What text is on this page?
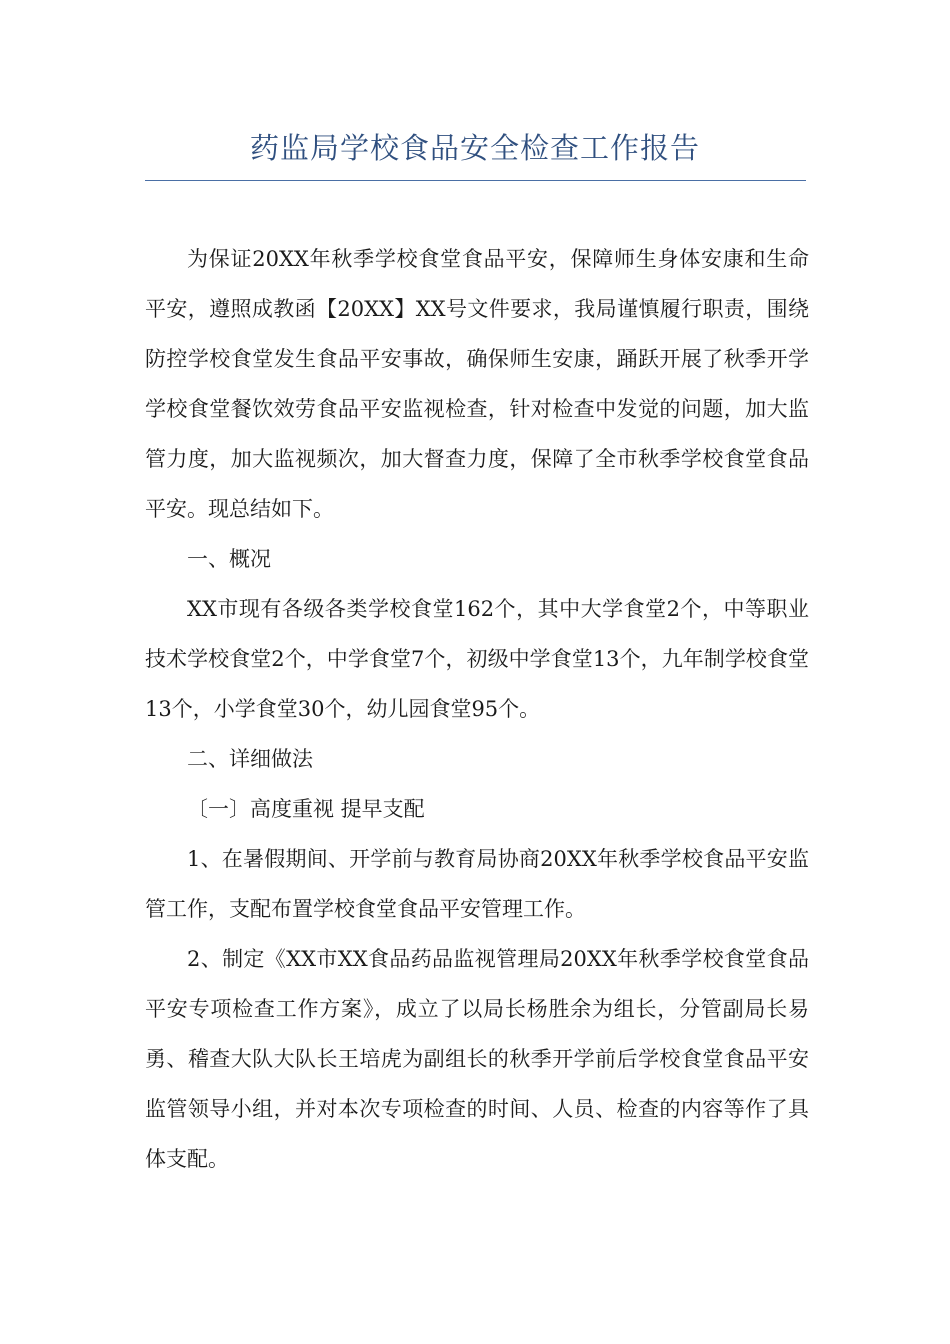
药监局学校食品安全检查工作报告

为保证20XX年秋季学校食堂食品平安，保障师生身体安康和生命平安，遵照成教函【20XX】XX号文件要求，我局谨慎履行职责，围绕防控学校食堂发生食品平安事故，确保师生安康，踊跃开展了秋季开学学校食堂餐饮效劳食品平安监视检查，针对检查中发觉的问题，加大监管力度，加大监视频次，加大督查力度，保障了全市秋季学校食堂食品平安。现总结如下。

一、概况

XX市现有各级各类学校食堂162个，其中大学食堂2个，中等职业技术学校食堂2个，中学食堂7个，初级中学食堂13个，九年制学校食堂13个，小学食堂30个，幼儿园食堂95个。

二、详细做法

〔一〕高度重视 提早支配

1、在暑假期间、开学前与教育局协商20XX年秋季学校食品平安监管工作，支配布置学校食堂食品平安管理工作。

2、制定《XX市XX食品药品监视管理局20XX年秋季学校食堂食品平安专项检查工作方案》，成立了以局长杨胜余为组长，分管副局长易勇、稽查大队大队长王培虎为副组长的秋季开学前后学校食堂食品平安监管领导小组，并对本次专项检查的时间、人员、检查的内容等作了具体支配。
